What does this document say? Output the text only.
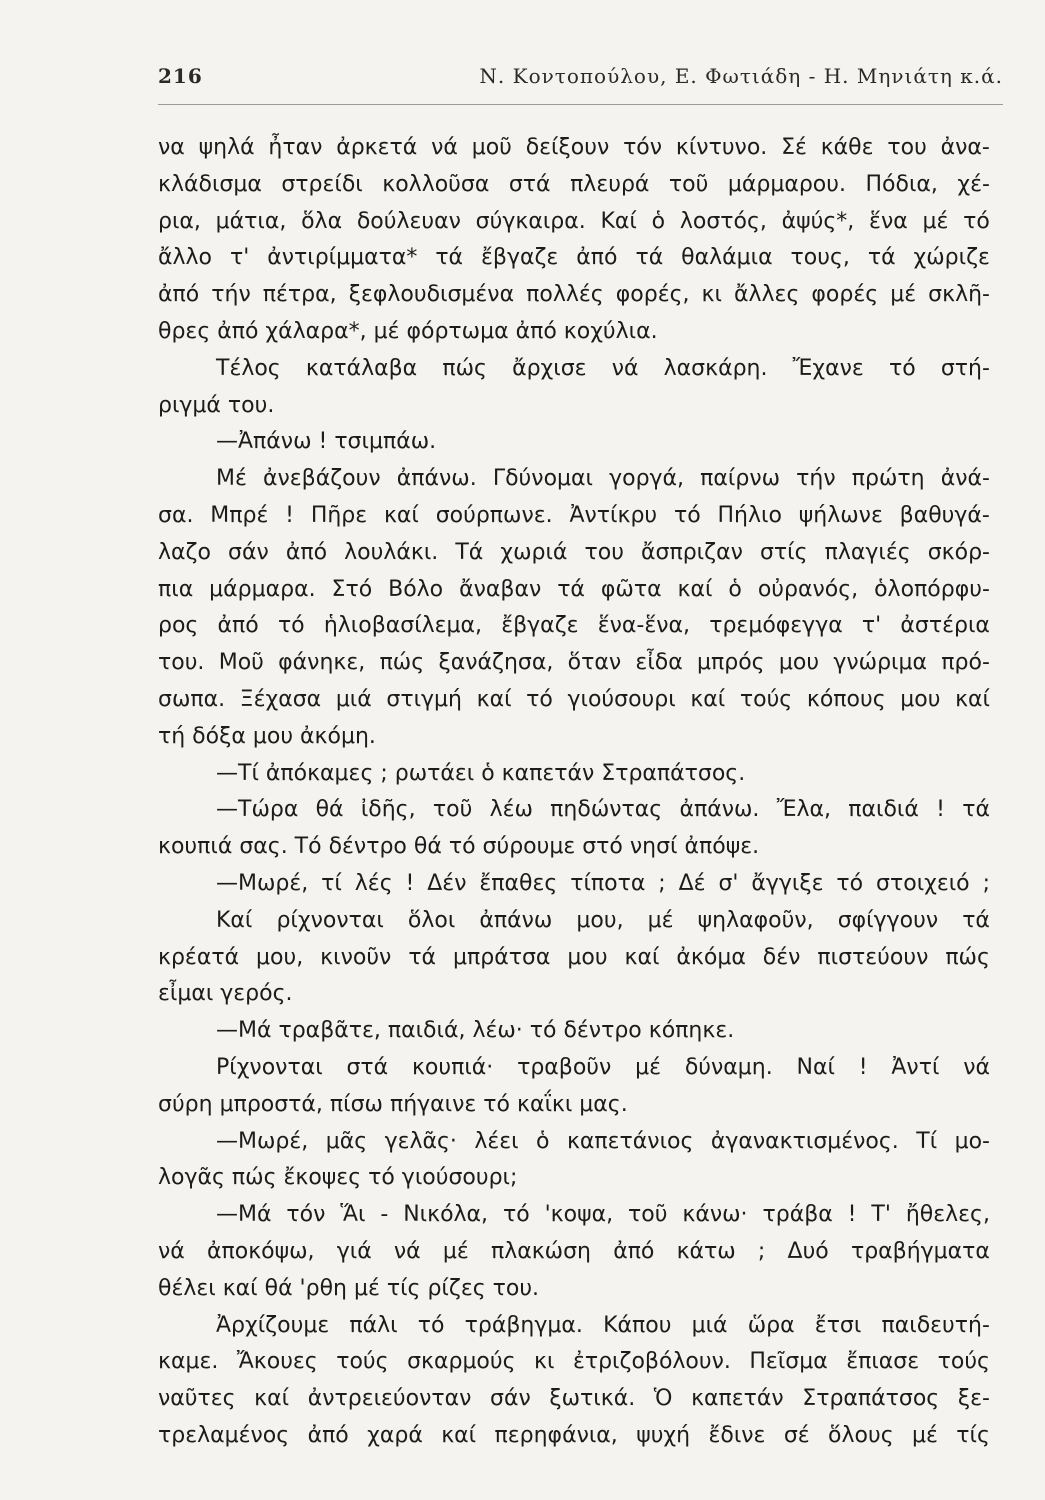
216	Ν. Κοντοπούλου, Ε. Φωτιάδη - Η. Μηνιάτη κ.ά.
να ψηλά ἦταν ἀρκετά νά μοῦ δείξουν τόν κίντυνο. Σέ κάθε του ἀνα-
κλάδισμα στρείδι κολλοῦσα στά πλευρά τοῦ μάρμαρου. Πόδια, χέ-
ρια, μάτια, ὅλα δούλευαν σύγκαιρα. Καί ὁ λοστός, ἀψύς*, ἕνα μέ τό
ἄλλο τ' ἀντιρίμματα* τά ἔβγαζε ἀπό τά θαλάμια τους, τά χώριζε
ἀπό τήν πέτρα, ξεφλουδισμένα πολλές φορές, κι ἄλλες φορές μέ σκλῆ-
θρες ἀπό χάλαρα*, μέ φόρτωμα ἀπό κοχύλια.
Τέλος κατάλαβα πώς ἄρχισε νά λασκάρη. Ἔχανε τό στή-
ριγμά του.
—Ἀπάνω ! τσιμπάω.
Μέ ἀνεβάζουν ἀπάνω. Γδύνομαι γοργά, παίρνω τήν πρώτη ἀνά-
σα. Μπρέ ! Πῆρε καί σούρπωνε. Ἀντίκρυ τό Πήλιο ψήλωνε βαθυγά-
λαζο σάν ἀπό λουλάκι. Τά χωριά του ἄσπριζαν στίς πλαγιές σκόρ-
πια μάρμαρα. Στό Βόλο ἄναβαν τά φῶτα καί ὁ οὐρανός, ὁλοπόρφυ-
ρος ἀπό τό ἡλιοβασίλεμα, ἔβγαζε ἕνα-ἕνα, τρεμόφεγγα τ' ἀστέρια
του. Μοῦ φάνηκε, πώς ξανάζησα, ὅταν εἶδα μπρός μου γνώριμα πρό-
σωπα. Ξέχασα μιά στιγμή καί τό γιούσουρι καί τούς κόπους μου καί
τή δόξα μου ἀκόμη.
—Τί ἀπόκαμες ; ρωτάει ὁ καπετάν Στραπάτσος.
—Τώρα θά ἰδῆς, τοῦ λέω πηδώντας ἀπάνω. Ἔλα, παιδιά ! τά
κουπιά σας. Τό δέντρο θά τό σύρουμε στό νησί ἀπόψε.
—Μωρέ, τί λές ! Δέν ἔπαθες τίποτα ; Δέ σ' ἄγγιξε τό στοιχειό ;
Καί ρίχνονται ὅλοι ἀπάνω μου, μέ ψηλαφοῦν, σφίγγουν τά
κρέατά μου, κινοῦν τά μπράτσα μου καί ἀκόμα δέν πιστεύουν πώς
εἶμαι γερός.
—Μά τραβᾶτε, παιδιά, λέω· τό δέντρο κόπηκε.
Ρίχνονται στά κουπιά· τραβοῦν μέ δύναμη. Ναί ! Ἀντί νά
σύρη μπροστά, πίσω πήγαινε τό καΐκι μας.
—Μωρέ, μᾶς γελᾶς· λέει ὁ καπετάνιος ἀγανακτισμένος. Τί μο-
λογᾶς πώς ἔκοψες τό γιούσουρι;
—Μά τόν Ἅι - Νικόλα, τό 'κοψα, τοῦ κάνω· τράβα ! Τ' ἤθελες,
νά ἀποκόψω, γιά νά μέ πλακώση ἀπό κάτω ; Δυό τραβήγματα
θέλει καί θά 'ρθη μέ τίς ρίζες του.
Ἀρχίζουμε πάλι τό τράβηγμα. Κάπου μιά ὥρα ἔτσι παιδευτή-
καμε. Ἄκουες τούς σκαρμούς κι ἐτριζοβόλουν. Πεῖσμα ἔπιασε τούς
ναῦτες καί ἀντρειεύονταν σάν ξωτικά. Ὁ καπετάν Στραπάτσος ξε-
τρελαμένος ἀπό χαρά καί περηφάνια, ψυχή ἔδινε σέ ὅλους μέ τίς
